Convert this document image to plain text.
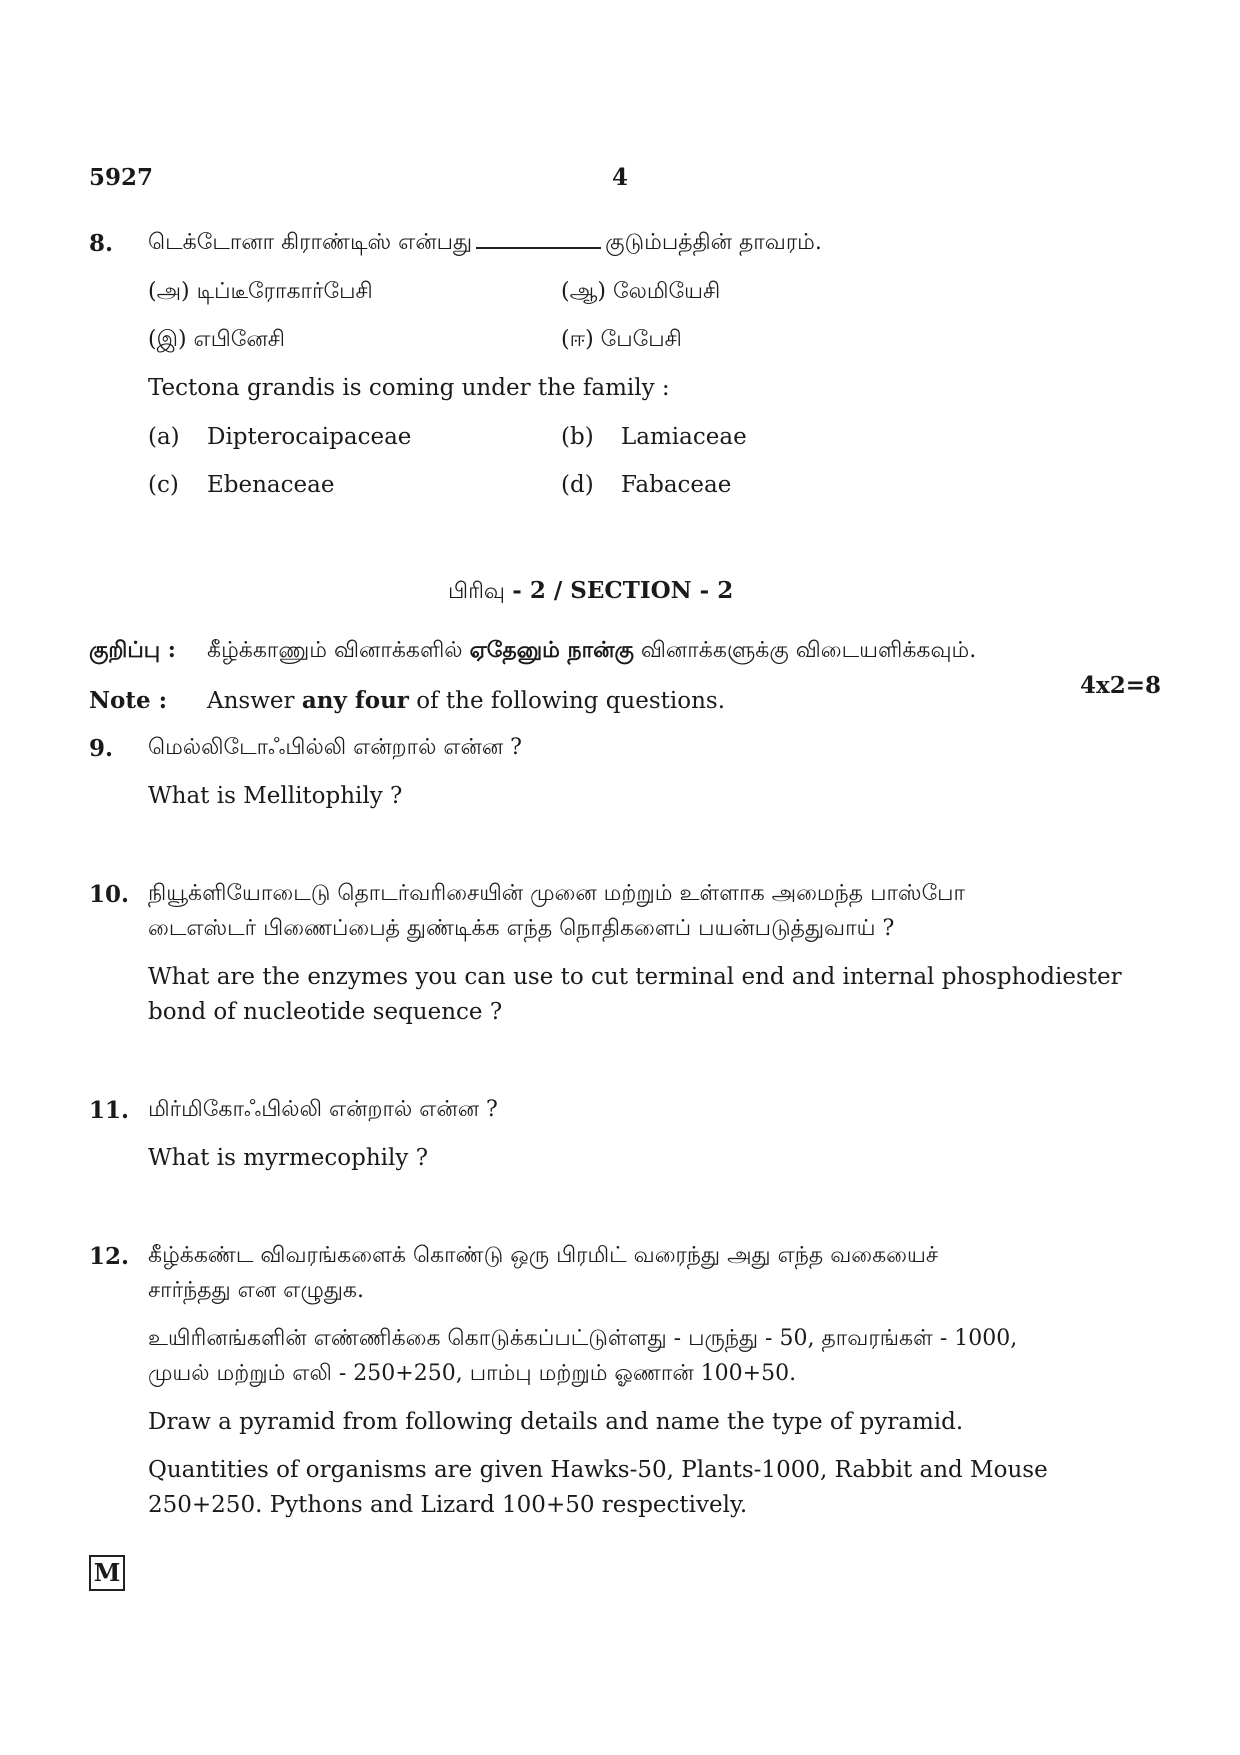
5927	4
8. டெக்டோனா கிராண்டிஸ் என்பது	குடும்பத்தின் தாவரம்.
(அ) டிப்டீரோகார்பேசி	(ஆ) லேமியேசி
(இ) எபினேசி	(ஈ) பேபேசி
Tectona grandis is coming under the family :
(a) Dipterocaipaceae	(b) Lamiaceae
(c) Ebenaceae	(d) Fabaceae
பிரிவு - 2 / SECTION - 2
குறிப்பு : கீழ்க்காணும் வினாக்களில் ஏதேனும் நான்கு வினாக்களுக்கு விடையளிக்கவும்.
4x2=8
Note : Answer any four of the following questions.
9. மெல்லிடோஃபில்லி என்றால் என்ன ?
What is Mellitophily ?
10. நியூக்ளியோடைடு தொடர்வரிசையின் முனை மற்றும் உள்ளாக அமைந்த பாஸ்போ
டைஎஸ்டர் பிணைப்பைத் துண்டிக்க எந்த நொதிகளைப் பயன்படுத்துவாய் ?
What are the enzymes you can use to cut terminal end and internal phosphodiester
bond of nucleotide sequence ?
11. மிர்மிகோஃபில்லி என்றால் என்ன ?
What is myrmecophily ?
12. கீழ்க்கண்ட விவரங்களைக் கொண்டு ஒரு பிரமிட் வரைந்து அது எந்த வகையைச்
சார்ந்தது என எழுதுக.
உயிரினங்களின் எண்ணிக்கை கொடுக்கப்பட்டுள்ளது - பருந்து - 50, தாவரங்கள் - 1000,
முயல் மற்றும் எலி - 250+250, பாம்பு மற்றும் ஓணான் 100+50.
Draw a pyramid from following details and name the type of pyramid.
Quantities of organisms are given Hawks-50, Plants-1000, Rabbit and Mouse
250+250. Pythons and Lizard 100+50 respectively.
M
